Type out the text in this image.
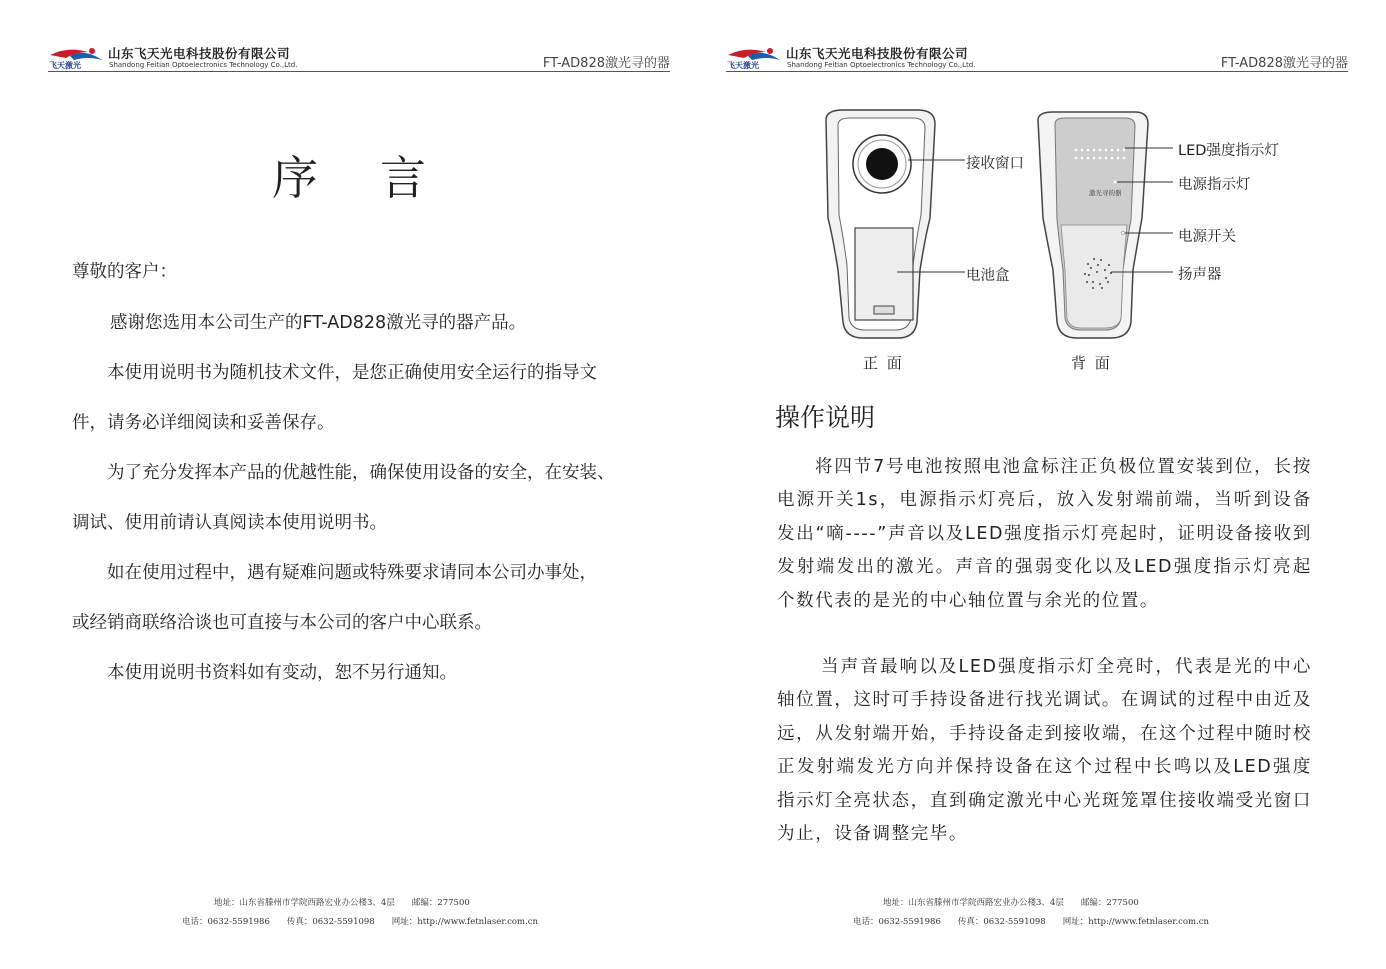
飞天激光
山东飞天光电科技股份有限公司
Shandong Feitian Optoelectronics Technology Co.,Ltd.	FT-AD828激光寻的器
序言
尊敬的客户：
感谢您选用本公司生产的FT-AD828激光寻的器产品。
本使用说明书为随机技术文件，是您正确使用安全运行的指导文
件，请务必详细阅读和妥善保存。
为了充分发挥本产品的优越性能，确保使用设备的安全，在安装、
调试、使用前请认真阅读本使用说明书。
如在使用过程中，遇有疑难问题或特殊要求请同本公司办事处，
或经销商联络洽谈也可直接与本公司的客户中心联系。
本使用说明书资料如有变动，恕不另行通知。
地址：山东省滕州市学院西路宏业办公楼3、4层　　邮编：277500
电话：0632-5591986　　传真：0632-5591098　　网址：http://www.fetnlaser.com.cn
飞天激光
山东飞天光电科技股份有限公司
Shandong Feitian Optoelectronics Technology Co.,Ltd.	FT-AD828激光寻的器
激光寻的器
接收窗口
电池盒
LED强度指示灯
电源指示灯
电源开关
扬声器
正 面	背 面
操作说明
将四节7号电池按照电池盒标注正负极位置安装到位，长按电源开关1s，电源指示灯亮后，放入发射端前端，当听到设备发出“嘀----”声音以及LED强度指示灯亮起时，证明设备接收到发射端发出的激光。声音的强弱变化以及LED强度指示灯亮起个数代表的是光的中心轴位置与余光的位置。
当声音最响以及LED强度指示灯全亮时，代表是光的中心轴位置，这时可手持设备进行找光调试。在调试的过程中由近及远，从发射端开始，手持设备走到接收端，在这个过程中随时校正发射端发光方向并保持设备在这个过程中长鸣以及LED强度指示灯全亮状态，直到确定激光中心光斑笼罩住接收端受光窗口为止，设备调整完毕。
地址：山东省滕州市学院西路宏业办公楼3、4层　　邮编：277500
电话：0632-5591986　　传真：0632-5591098　　网址：http://www.fetnlaser.com.cn
